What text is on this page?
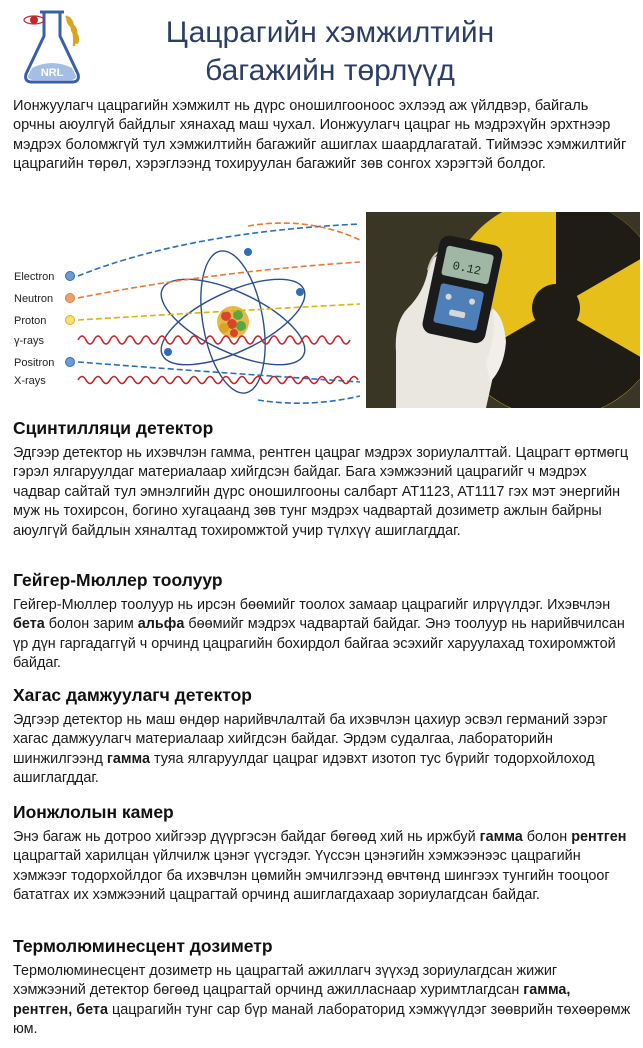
NRL
Цацрагийн хэмжилтийн
багажийн төрлүүд

Ионжуулагч цацрагийн хэмжилт нь дүрс оношилгооноос эхлээд аж үйлдвэр, байгаль орчны аюулгүй байдлыг хянахад маш чухал. Ионжуулагч цацраг нь мэдрэхүйн эрхтнээр мэдрэх боломжгүй тул хэмжилтийн багажийг ашиглах шаардлагатай. Тиймээс хэмжилтийг цацрагийн төрөл, хэрэглээнд тохируулан багажийг зөв сонгох хэрэгтэй болдог.

Electron
Neutron
Proton
γ-rays
Positron
X-rays
0.12
Сцинтилляци детектор

Эдгээр детектор нь ихэвчлэн гамма, рентген цацраг мэдрэх зориулалттай. Цацрагт өртмөгц гэрэл ялгаруулдаг материалаар хийгдсэн байдаг. Бага хэмжээний цацрагийг ч мэдрэх чадвар сайтай тул эмнэлгийн дүрс оношилгооны салбарт AT1123, AT1117 гэх мэт энергийн муж нь тохирсон, богино хугацаанд зөв тунг мэдрэх чадвартай дозиметр ажлын байрны аюулгүй байдлын хяналтад тохиромжтой учир түлхүү ашиглагддаг.

Гейгер-Мюллер тоолуур

Гейгер-Мюллер тоолуур нь ирсэн бөөмийг тоолох замаар цацрагийг илрүүлдэг. Ихэвчлэн бета болон зарим альфа бөөмийг мэдрэх чадвартай байдаг. Энэ тоолуур нь нарийвчилсан үр дүн гаргадаггүй ч орчинд цацрагийн бохирдол байгаа эсэхийг харуулахад тохиромжтой байдаг.

Хагас дамжуулагч детектор

Эдгээр детектор нь маш өндөр нарийвчлалтай ба ихэвчлэн цахиур эсвэл германий зэрэг хагас дамжуулагч материалаар хийгдсэн байдаг. Эрдэм судалгаа, лабораторийн шинжилгээнд гамма туяа ялгаруулдаг цацраг идэвхт изотоп тус бүрийг тодорхойлоход ашиглагддаг.

Ионжлолын камер

Энэ багаж нь дотроо хийгээр дүүргэсэн байдаг бөгөөд хий нь иржбуй гамма болон рентген цацрагтай харилцан үйлчилж цэнэг үүсгэдэг. Үүссэн цэнэгийн хэмжээнээс цацрагийн хэмжээг тодорхойлдог ба ихэвчлэн цөмийн эмчилгээнд өвчтөнд шингээх тунгийн тооцоог бататгах их хэмжээний цацрагтай орчинд ашиглагдахаар зориулагдсан байдаг.

Термолюминесцент дозиметр

Термолюминесцент дозиметр нь цацрагтай ажиллагч зүүхэд зориулагдсан жижиг хэмжээний детектор бөгөөд цацрагтай орчинд ажилласнаар хуримтлагдсан гамма, рентген, бета цацрагийн тунг сар бүр манай лабораторид хэмжүүлдэг зөөврийн төхөөрөмж юм.
